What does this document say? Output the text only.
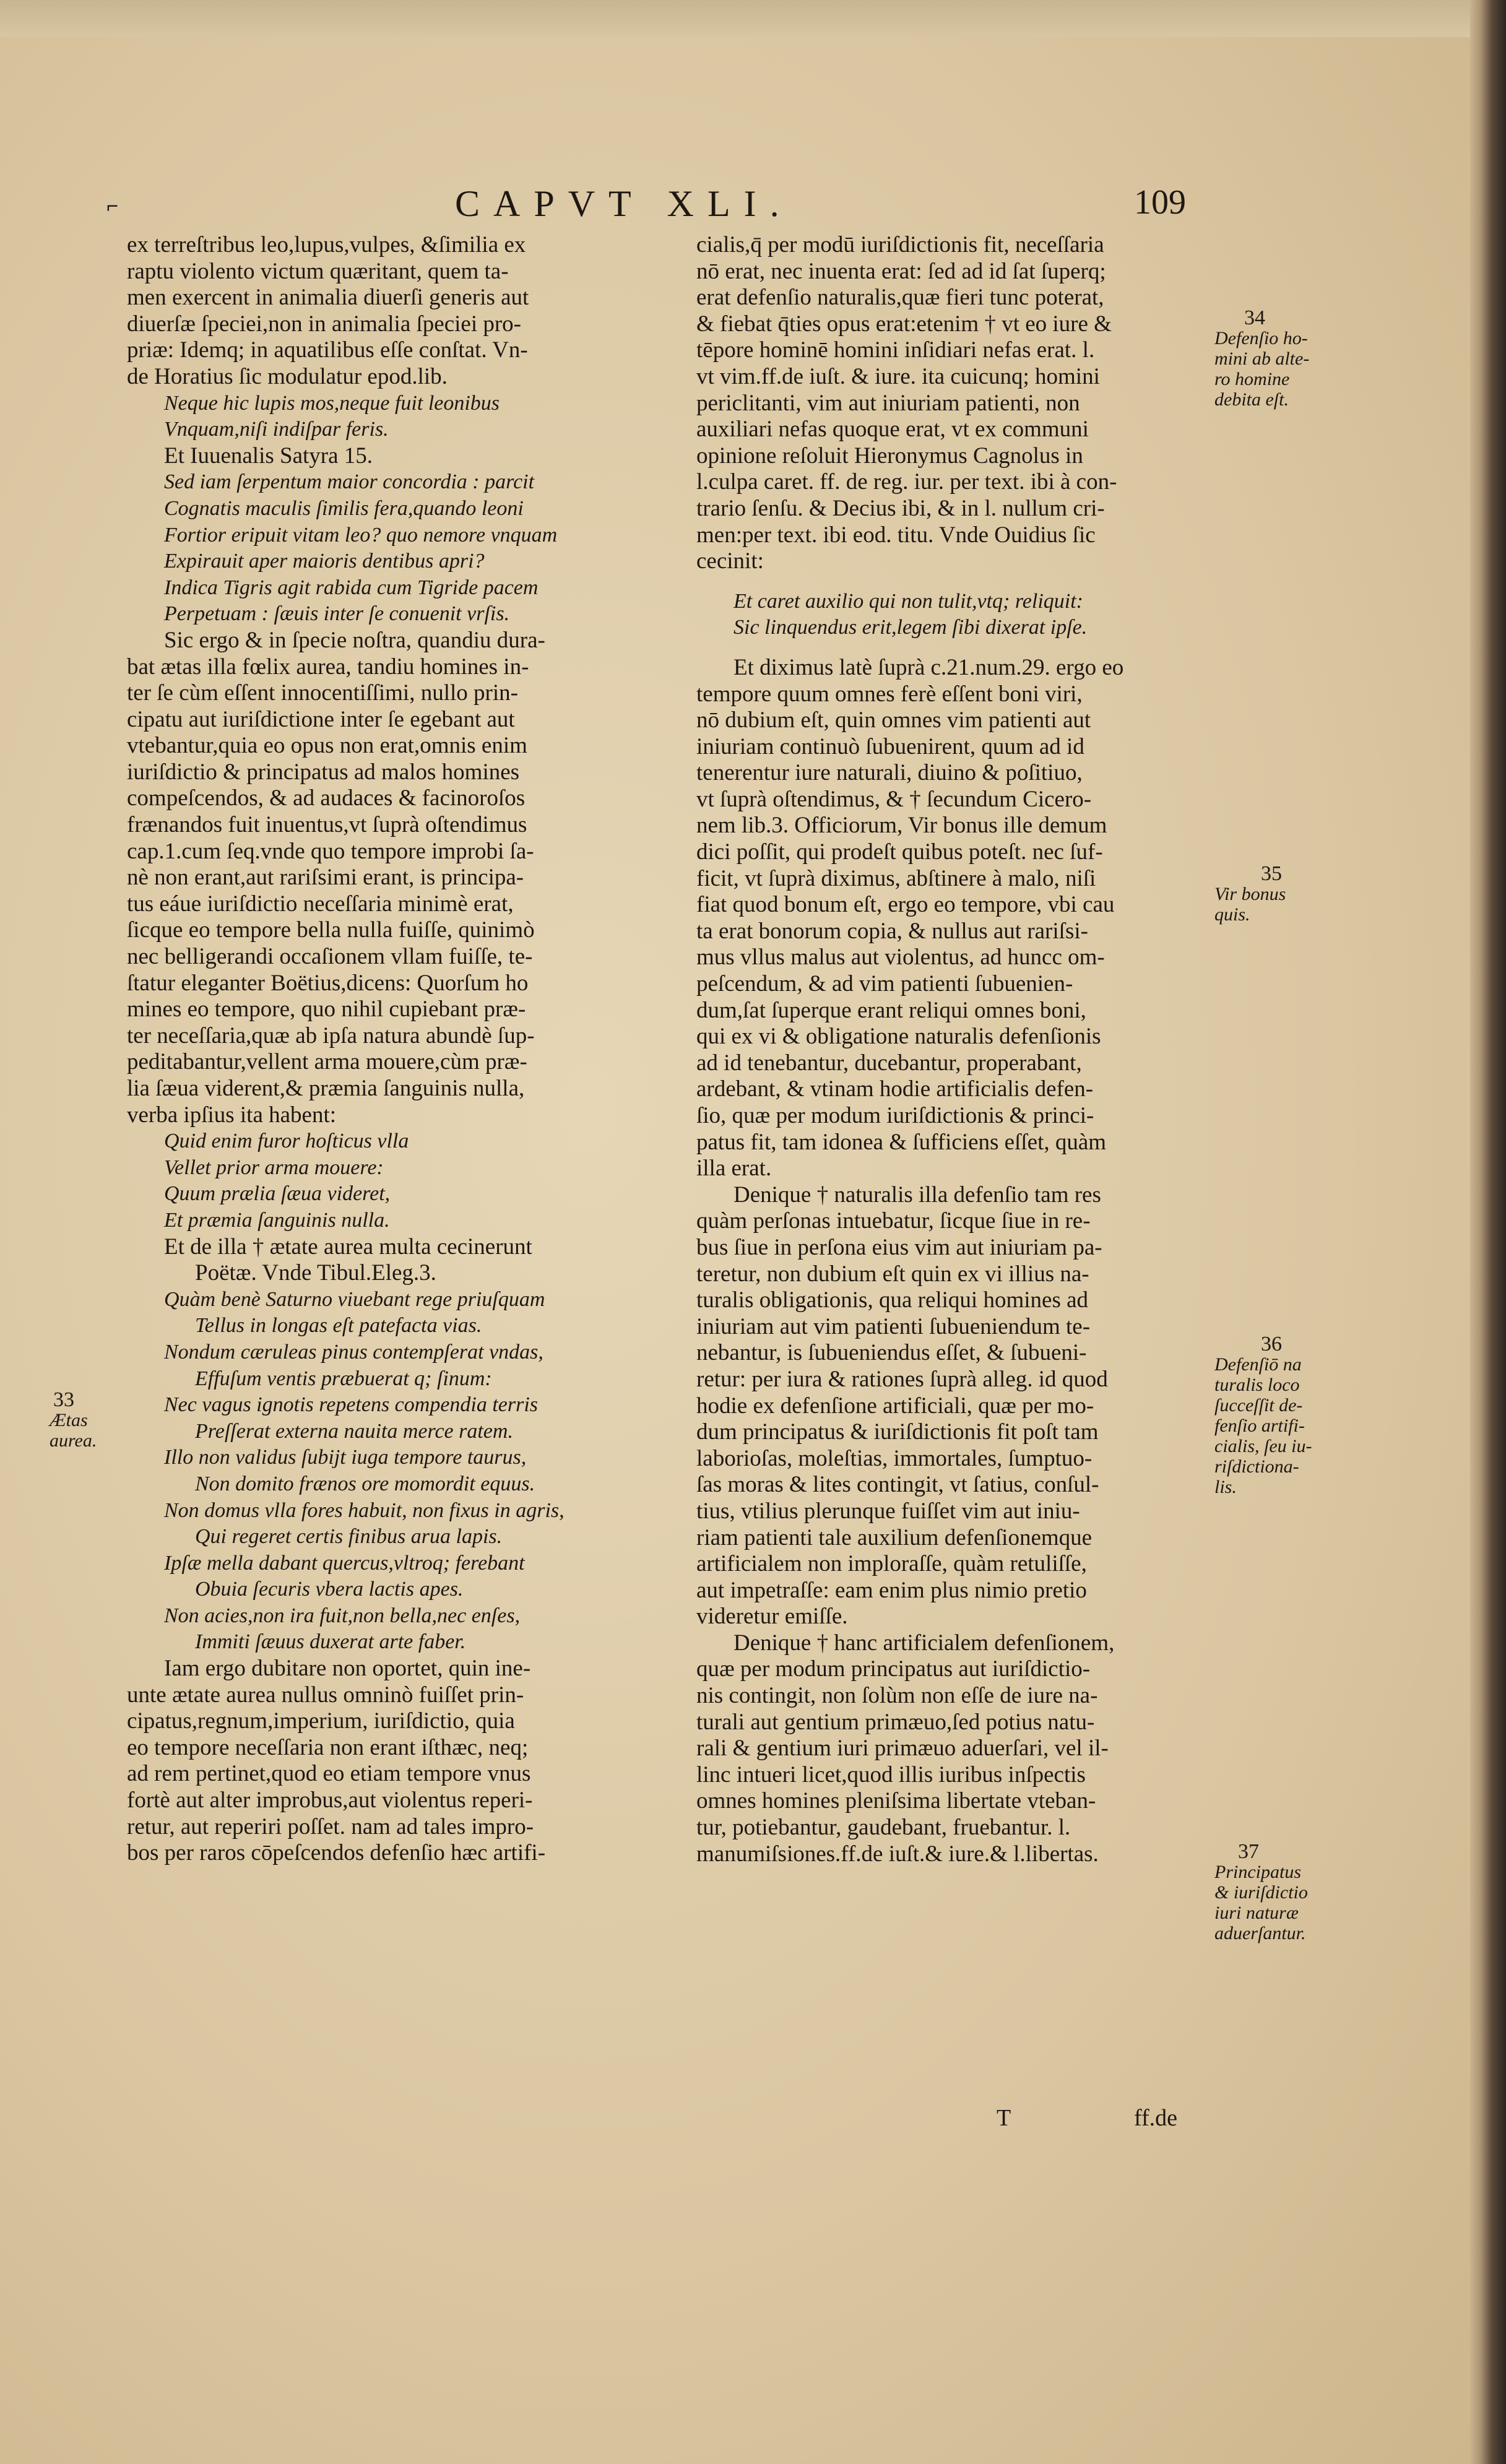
⌐	CAPVT XLI.	109
ex terreſtribus leo,lupus,vulpes, &ſimilia ex
raptu violento victum quæritant, quem ta-
men exercent in animalia diuerſi generis aut
diuerſæ ſpeciei,non in animalia ſpeciei pro-
priæ: Idemq; in aquatilibus eſſe conſtat. Vn-
de Horatius ſic modulatur epod.lib.
Neque hic lupis mos,neque fuit leonibus
Vnquam,niſi indiſpar feris.
Et Iuuenalis Satyra 15.
Sed iam ſerpentum maior concordia : parcit
Cognatis maculis ſimilis fera,quando leoni
Fortior eripuit vitam leo? quo nemore vnquam
Expirauit aper maioris dentibus apri?
Indica Tigris agit rabida cum Tigride pacem
Perpetuam : ſæuis inter ſe conuenit vrſis.
Sic ergo & in ſpecie noſtra, quandiu dura-
bat ætas illa fœlix aurea, tandiu homines in-
ter ſe cùm eſſent innocentiſſimi, nullo prin-
cipatu aut iuriſdictione inter ſe egebant aut
vtebantur,quia eo opus non erat,omnis enim
iuriſdictio & principatus ad malos homines
compeſcendos, & ad audaces & facinoroſos
frænandos fuit inuentus,vt ſuprà oſtendimus
cap.1.cum ſeq.vnde quo tempore improbi ſa-
nè non erant,aut rariſsimi erant, is principa-
tus eáue iuriſdictio neceſſaria minimè erat,
ſicque eo tempore bella nulla fuiſſe, quinimò
nec belligerandi occaſionem vllam fuiſſe, te-
ſtatur eleganter Boëtius,dicens: Quorſum ho
mines eo tempore, quo nihil cupiebant præ-
ter neceſſaria,quæ ab ipſa natura abundè ſup-
peditabantur,vellent arma mouere,cùm præ-
lia ſæua viderent,& præmia ſanguinis nulla,
verba ipſius ita habent:
Quid enim furor hoſticus vlla
Vellet prior arma mouere:
Quum prælia ſæua videret,
Et præmia ſanguinis nulla.
Et de illa † ætate aurea multa cecinerunt
Poëtæ. Vnde Tibul.Eleg.3.
Quàm benè Saturno viuebant rege priuſquam
Tellus in longas eſt patefacta vias.
Nondum cæruleas pinus contempſerat vndas,
Effuſum ventis præbuerat q; ſinum:
Nec vagus ignotis repetens compendia terris
Preſſerat externa nauita merce ratem.
Illo non validus ſubijt iuga tempore taurus,
Non domito frænos ore momordit equus.
Non domus vlla fores habuit, non fixus in agris,
Qui regeret certis finibus arua lapis.
Ipſæ mella dabant quercus,vltroq; ferebant
Obuia ſecuris vbera lactis apes.
Non acies,non ira fuit,non bella,nec enſes,
Immiti ſæuus duxerat arte faber.
Iam ergo dubitare non oportet, quin ine-
unte ætate aurea nullus omninò fuiſſet prin-
cipatus,regnum,imperium, iuriſdictio, quia
eo tempore neceſſaria non erant iſthæc, neq;
ad rem pertinet,quod eo etiam tempore vnus
fortè aut alter improbus,aut violentus reperi-
retur, aut reperiri poſſet. nam ad tales impro-
bos per raros cōpeſcendos defenſio hæc artifi-
cialis,q̄ per modū iuriſdictionis fit, neceſſaria
nō erat, nec inuenta erat: ſed ad id ſat ſuperq;
erat defenſio naturalis,quæ fieri tunc poterat,
& fiebat q̄ties opus erat:etenim † vt eo iure &
tēpore hominē homini inſidiari nefas erat. l.
vt vim.ff.de iuſt. & iure. ita cuicunq; homini
periclitanti, vim aut iniuriam patienti, non
auxiliari nefas quoque erat, vt ex communi
opinione reſoluit Hieronymus Cagnolus in
l.culpa caret. ff. de reg. iur. per text. ibi à con-
trario ſenſu. & Decius ibi, & in l. nullum cri-
men:per text. ibi eod. titu. Vnde Ouidius ſic
cecinit:
Et caret auxilio qui non tulit,vtq; reliquit:
Sic linquendus erit,legem ſibi dixerat ipſe.
Et diximus latè ſuprà c.21.num.29. ergo eo
tempore quum omnes ferè eſſent boni viri,
nō dubium eſt, quin omnes vim patienti aut
iniuriam continuò ſubuenirent, quum ad id
tenerentur iure naturali, diuino & poſitiuo,
vt ſuprà oſtendimus, & † ſecundum Cicero-
nem lib.3. Officiorum, Vir bonus ille demum
dici poſſit, qui prodeſt quibus poteſt. nec ſuf-
ficit, vt ſuprà diximus, abſtinere à malo, niſi
fiat quod bonum eſt, ergo eo tempore, vbi cau
ta erat bonorum copia, & nullus aut rariſsi-
mus vllus malus aut violentus, ad huncc om-
peſcendum, & ad vim patienti ſubuenien-
dum,ſat ſuperque erant reliqui omnes boni,
qui ex vi & obligatione naturalis defenſionis
ad id tenebantur, ducebantur, properabant,
ardebant, & vtinam hodie artificialis defen-
ſio, quæ per modum iuriſdictionis & princi-
patus fit, tam idonea & ſufficiens eſſet, quàm
illa erat.
Denique † naturalis illa defenſio tam res
quàm perſonas intuebatur, ſicque ſiue in re-
bus ſiue in perſona eius vim aut iniuriam pa-
teretur, non dubium eſt quin ex vi illius na-
turalis obligationis, qua reliqui homines ad
iniuriam aut vim patienti ſubueniendum te-
nebantur, is ſubueniendus eſſet, & ſubueni-
retur: per iura & rationes ſuprà alleg. id quod
hodie ex defenſione artificiali, quæ per mo-
dum principatus & iuriſdictionis fit poſt tam
laborioſas, moleſtias, immortales, ſumptuo-
ſas moras & lites contingit, vt ſatius, conſul-
tius, vtilius plerunque fuiſſet vim aut iniu-
riam patienti tale auxilium defenſionemque
artificialem non imploraſſe, quàm retuliſſe,
aut impetraſſe: eam enim plus nimio pretio
videretur emiſſe.
Denique † hanc artificialem defenſionem,
quæ per modum principatus aut iuriſdictio-
nis contingit, non ſolùm non eſſe de iure na-
turali aut gentium primæuo,ſed potius natu-
rali & gentium iuri primæuo aduerſari, vel il-
linc intueri licet,quod illis iuribus inſpectis
omnes homines pleniſsima libertate vteban-
tur, potiebantur, gaudebant, fruebantur. l.
manumiſsiones.ff.de iuſt.& iure.& l.libertas.
33
Ætas aurea.
34
Defenſio ho-
mini ab alte-
ro homine
debita eſt.
35
Vir bonus
quis.
36
Defenſiō na
turalis loco
ſucceſſit de-
fenſio artifi-
cialis, ſeu iu-
riſdictiona-
lis.
37
Principatus
& iuriſdictio
iuri naturæ
aduerſantur.
T	ff.de
